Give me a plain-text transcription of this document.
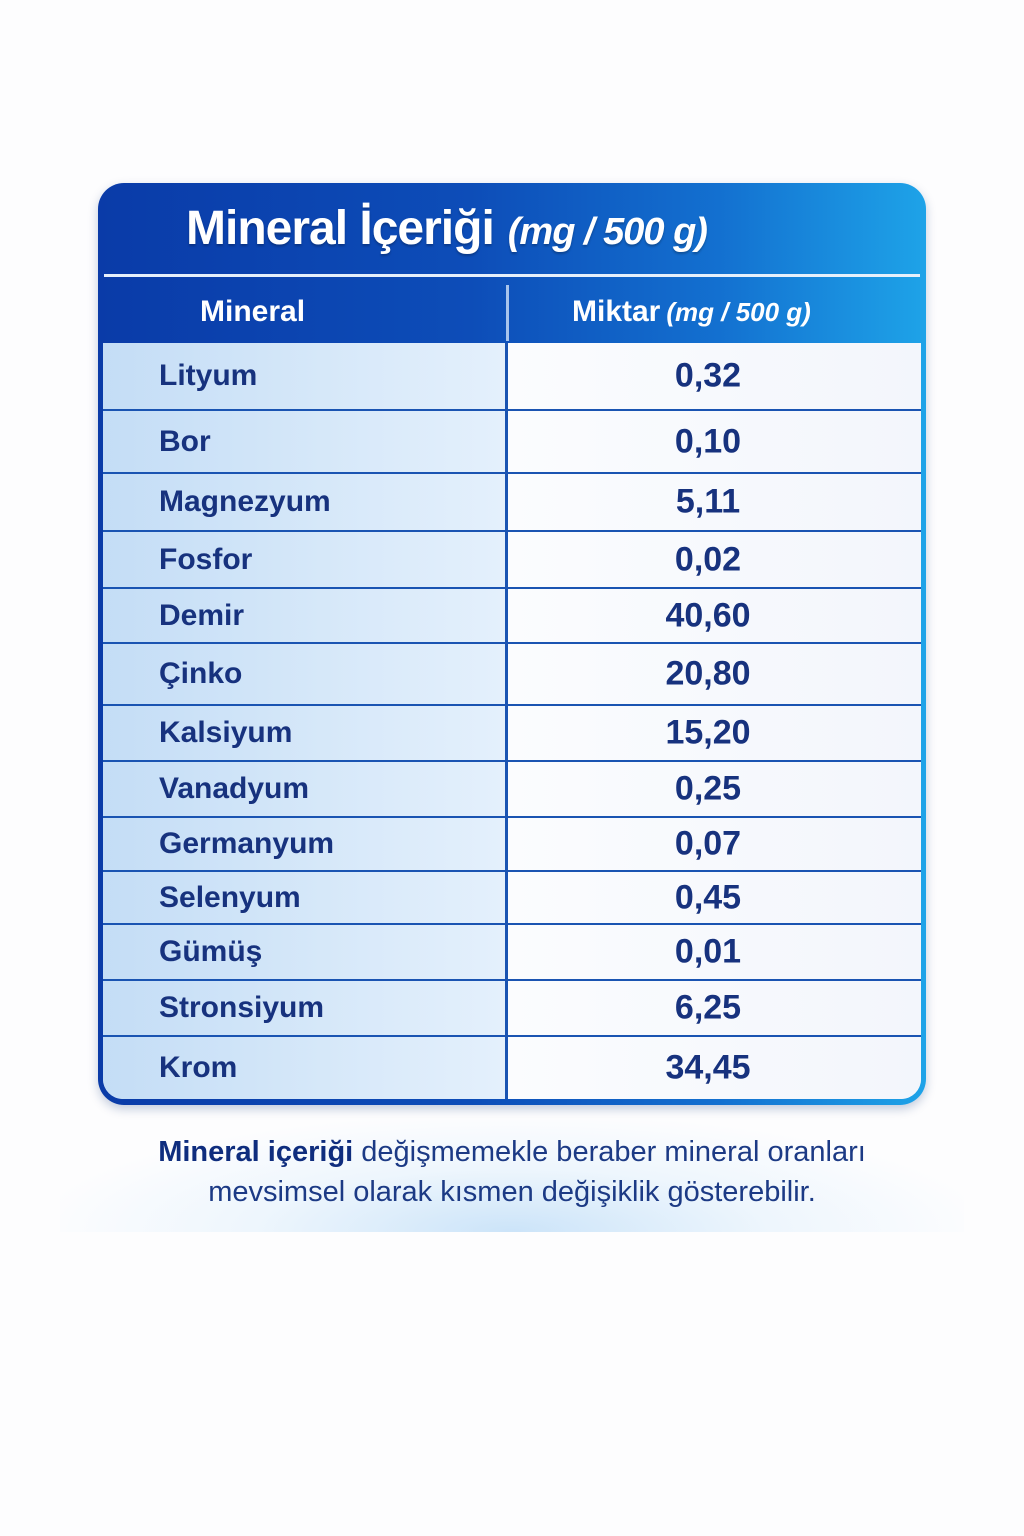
Mineral İçeriği (mg / 500 g)
Mineral	Miktar (mg / 500 g)
Lityum	0,32
Bor	0,10
Magnezyum	5,11
Fosfor	0,02
Demir	40,60
Çinko	20,80
Kalsiyum	15,20
Vanadyum	0,25
Germanyum	0,07
Selenyum	0,45
Gümüş	0,01
Stronsiyum	6,25
Krom	34,45

Mineral içeriği değişmemekle beraber mineral oranları

mevsimsel olarak kısmen değişiklik gösterebilir.
